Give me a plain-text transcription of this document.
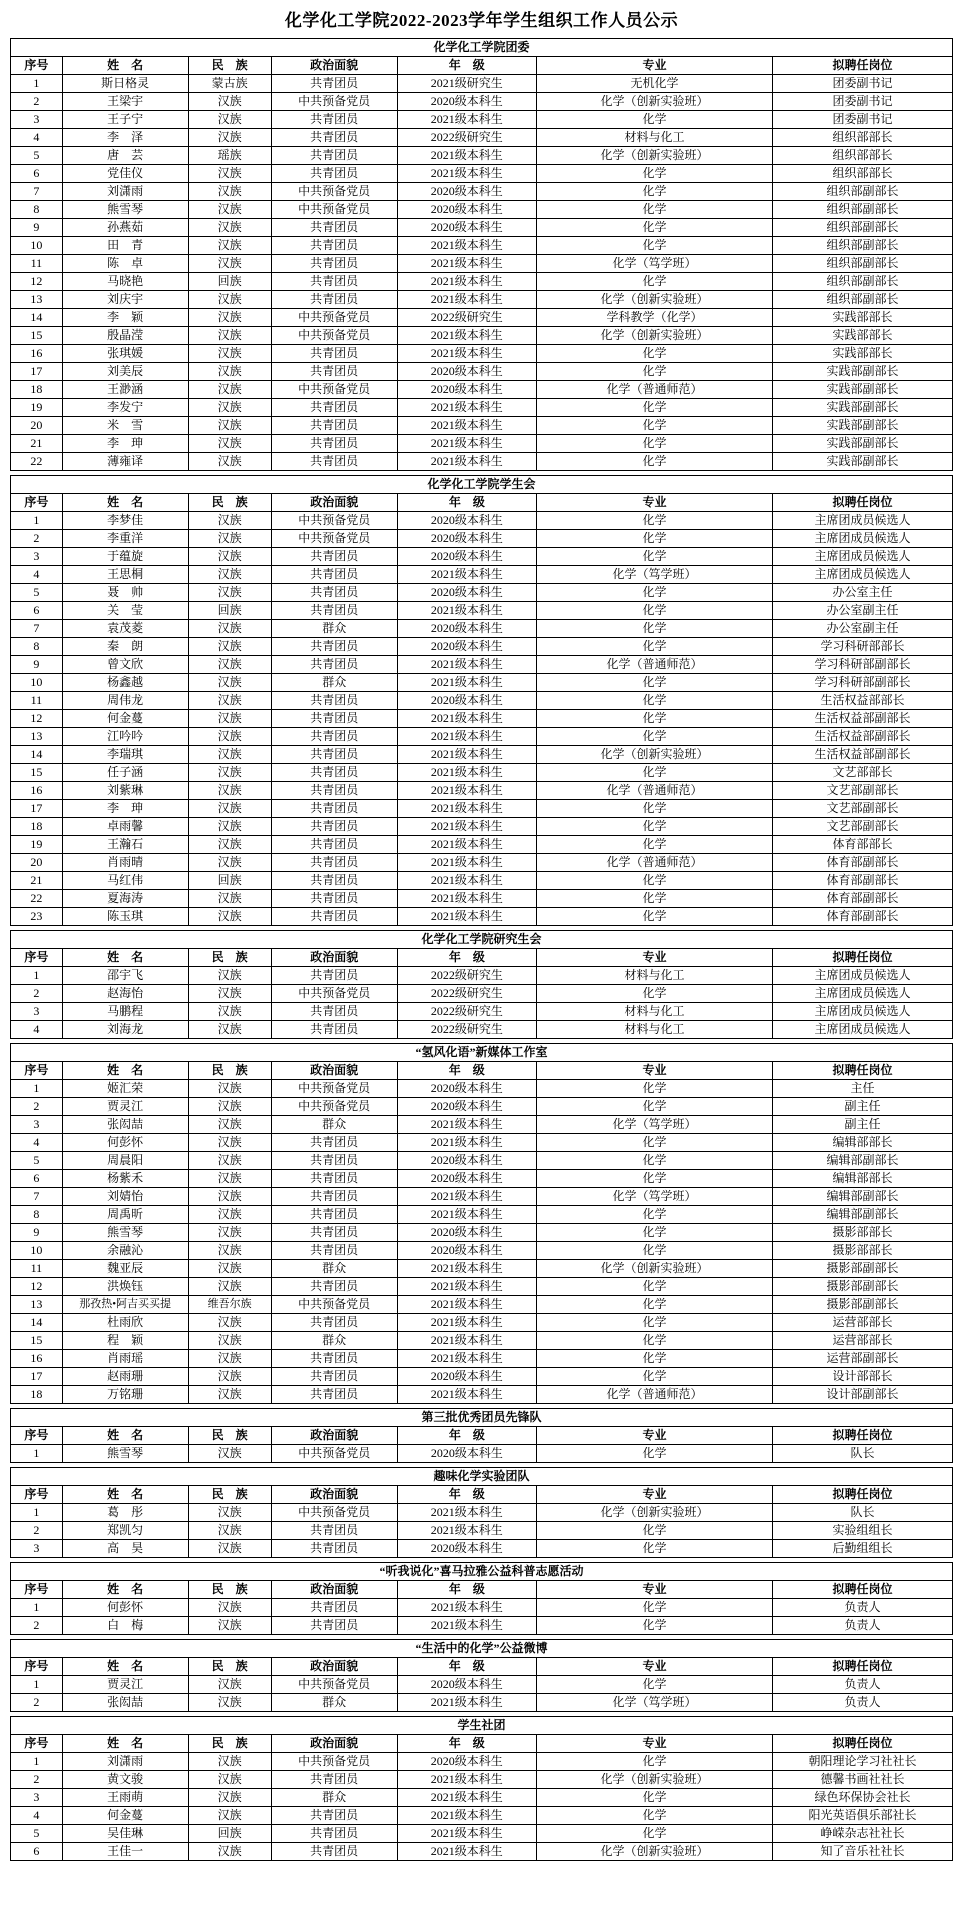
化学化工学院2022-2023学年学生组织工作人员公示
化学化工学院团委						
序号	姓　名	民　族	政治面貌	年　级	专业	拟聘任岗位
1	斯日格灵	蒙古族	共青团员	2021级研究生	无机化学	团委副书记
2	王梁宇	汉族	中共预备党员	2020级本科生	化学（创新实验班）	团委副书记
3	王子宁	汉族	共青团员	2021级本科生	化学	团委副书记
4	李　泽	汉族	共青团员	2022级研究生	材料与化工	组织部部长
5	唐　芸	瑶族	共青团员	2021级本科生	化学（创新实验班）	组织部部长
6	党佳仪	汉族	共青团员	2021级本科生	化学	组织部部长
7	刘潇雨	汉族	中共预备党员	2020级本科生	化学	组织部副部长
8	熊雪琴	汉族	中共预备党员	2020级本科生	化学	组织部副部长
9	孙燕茹	汉族	共青团员	2020级本科生	化学	组织部副部长
10	田　青	汉族	共青团员	2021级本科生	化学	组织部副部长
11	陈　卓	汉族	共青团员	2021级本科生	化学（笃学班）	组织部副部长
12	马晓艳	回族	共青团员	2021级本科生	化学	组织部副部长
13	刘庆宇	汉族	共青团员	2021级本科生	化学（创新实验班）	组织部副部长
14	李　颖	汉族	中共预备党员	2022级研究生	学科教学（化学）	实践部部长
15	殷晶滢	汉族	中共预备党员	2021级本科生	化学（创新实验班）	实践部部长
16	张琪媛	汉族	共青团员	2021级本科生	化学	实践部部长
17	刘美辰	汉族	共青团员	2020级本科生	化学	实践部副部长
18	王渺涵	汉族	中共预备党员	2020级本科生	化学（普通师范）	实践部副部长
19	李发宁	汉族	共青团员	2021级本科生	化学	实践部副部长
20	米　雪	汉族	共青团员	2021级本科生	化学	实践部副部长
21	李　珅	汉族	共青团员	2021级本科生	化学	实践部副部长
22	薄雍译	汉族	共青团员	2021级本科生	化学	实践部副部长
化学化工学院学生会						
序号	姓　名	民　族	政治面貌	年　级	专业	拟聘任岗位
1	李梦佳	汉族	中共预备党员	2020级本科生	化学	主席团成员候选人
2	李重洋	汉族	中共预备党员	2020级本科生	化学	主席团成员候选人
3	于蕴旋	汉族	共青团员	2020级本科生	化学	主席团成员候选人
4	王思桐	汉族	共青团员	2021级本科生	化学（笃学班）	主席团成员候选人
5	聂　帅	汉族	共青团员	2020级本科生	化学	办公室主任
6	关　莹	回族	共青团员	2021级本科生	化学	办公室副主任
7	袁茂菱	汉族	群众	2020级本科生	化学	办公室副主任
8	秦　朗	汉族	共青团员	2020级本科生	化学	学习科研部部长
9	曾文欣	汉族	共青团员	2021级本科生	化学（普通师范）	学习科研部副部长
10	杨鑫越	汉族	群众	2021级本科生	化学	学习科研部副部长
11	周伟龙	汉族	共青团员	2020级本科生	化学	生活权益部部长
12	何金蔓	汉族	共青团员	2021级本科生	化学	生活权益部副部长
13	江吟吟	汉族	共青团员	2021级本科生	化学	生活权益部副部长
14	李瑞琪	汉族	共青团员	2021级本科生	化学（创新实验班）	生活权益部副部长
15	任子涵	汉族	共青团员	2021级本科生	化学	文艺部部长
16	刘紫琳	汉族	共青团员	2021级本科生	化学（普通师范）	文艺部副部长
17	李　珅	汉族	共青团员	2021级本科生	化学	文艺部副部长
18	卓雨馨	汉族	共青团员	2021级本科生	化学	文艺部副部长
19	王瀚石	汉族	共青团员	2021级本科生	化学	体育部部长
20	肖雨晴	汉族	共青团员	2021级本科生	化学（普通师范）	体育部副部长
21	马红伟	回族	共青团员	2021级本科生	化学	体育部副部长
22	夏海涛	汉族	共青团员	2021级本科生	化学	体育部副部长
23	陈玉琪	汉族	共青团员	2021级本科生	化学	体育部副部长
化学化工学院研究生会						
序号	姓　名	民　族	政治面貌	年　级	专业	拟聘任岗位
1	邵宇飞	汉族	共青团员	2022级研究生	材料与化工	主席团成员候选人
2	赵海怡	汉族	中共预备党员	2022级研究生	化学	主席团成员候选人
3	马鹏程	汉族	共青团员	2022级研究生	材料与化工	主席团成员候选人
4	刘海龙	汉族	共青团员	2022级研究生	材料与化工	主席团成员候选人
“氢风化语”新媒体工作室						
序号	姓　名	民　族	政治面貌	年　级	专业	拟聘任岗位
1	姬汇荣	汉族	中共预备党员	2020级本科生	化学	主任
2	贾灵江	汉族	中共预备党员	2020级本科生	化学	副主任
3	张闳喆	汉族	群众	2021级本科生	化学（笃学班）	副主任
4	何彭怀	汉族	共青团员	2021级本科生	化学	编辑部部长
5	周晨阳	汉族	共青团员	2020级本科生	化学	编辑部副部长
6	杨紫禾	汉族	共青团员	2020级本科生	化学	编辑部部长
7	刘婧怡	汉族	共青团员	2021级本科生	化学（笃学班）	编辑部副部长
8	周禹昕	汉族	共青团员	2021级本科生	化学	编辑部副部长
9	熊雪琴	汉族	共青团员	2020级本科生	化学	摄影部部长
10	余融沁	汉族	共青团员	2020级本科生	化学	摄影部部长
11	魏亚辰	汉族	群众	2021级本科生	化学（创新实验班）	摄影部副部长
12	洪焕钰	汉族	共青团员	2021级本科生	化学	摄影部副部长
13	那孜热•阿吉买买提	维吾尔族	中共预备党员	2021级本科生	化学	摄影部副部长
14	杜雨欣	汉族	共青团员	2021级本科生	化学	运营部部长
15	程　颖	汉族	群众	2021级本科生	化学	运营部部长
16	肖雨瑶	汉族	共青团员	2021级本科生	化学	运营部副部长
17	赵雨珊	汉族	共青团员	2020级本科生	化学	设计部部长
18	万铭珊	汉族	共青团员	2021级本科生	化学（普通师范）	设计部副部长
第三批优秀团员先锋队						
序号	姓　名	民　族	政治面貌	年　级	专业	拟聘任岗位
1	熊雪琴	汉族	中共预备党员	2020级本科生	化学	队长
趣味化学实验团队						
序号	姓　名	民　族	政治面貌	年　级	专业	拟聘任岗位
1	葛　彤	汉族	中共预备党员	2021级本科生	化学（创新实验班）	队长
2	郑凯匀	汉族	共青团员	2021级本科生	化学	实验组组长
3	高　昊	汉族	共青团员	2020级本科生	化学	后勤组组长
“听我说化”喜马拉雅公益科普志愿活动						
序号	姓　名	民　族	政治面貌	年　级	专业	拟聘任岗位
1	何彭怀	汉族	共青团员	2021级本科生	化学	负责人
2	白　梅	汉族	共青团员	2021级本科生	化学	负责人
“生活中的化学”公益微博						
序号	姓　名	民　族	政治面貌	年　级	专业	拟聘任岗位
1	贾灵江	汉族	中共预备党员	2020级本科生	化学	负责人
2	张闳喆	汉族	群众	2021级本科生	化学（笃学班）	负责人
学生社团						
序号	姓　名	民　族	政治面貌	年　级	专业	拟聘任岗位
1	刘潇雨	汉族	中共预备党员	2020级本科生	化学	朝阳理论学习社社长
2	黄文骏	汉族	共青团员	2021级本科生	化学（创新实验班）	德馨书画社社长
3	王雨萌	汉族	群众	2021级本科生	化学	绿色环保协会社长
4	何金蔓	汉族	共青团员	2021级本科生	化学	阳光英语俱乐部社长
5	吴佳琳	回族	共青团员	2021级本科生	化学	峥嵘杂志社社长
6	王佳一	汉族	共青团员	2021级本科生	化学（创新实验班）	知了音乐社社长
